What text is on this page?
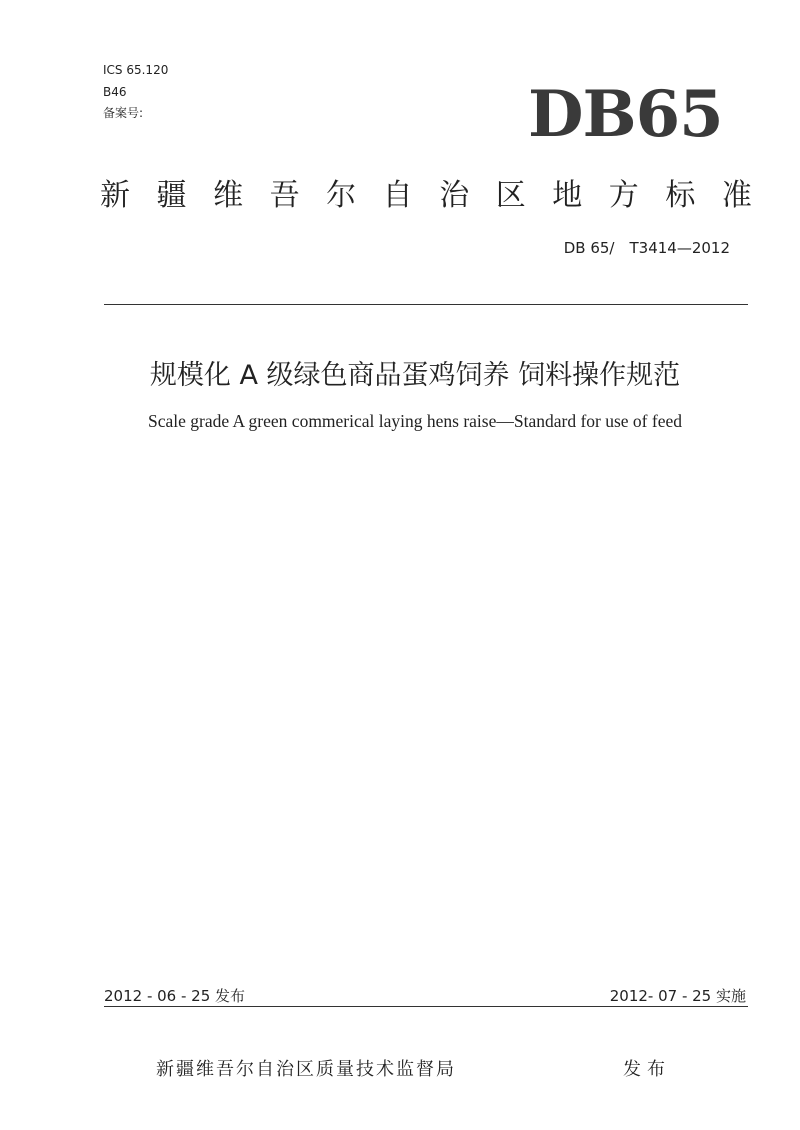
ICS 65.120
B46
备案号:	DB65
新 疆 维 吾 尔 自 治 区 地 方 标 准
DB 65/　T3414—2012
规模化 A 级绿色商品蛋鸡饲养 饲料操作规范
Scale grade A green commerical laying hens raise—Standard for use of feed
2012 - 06 - 25 发布	2012- 07 - 25 实施
新疆维吾尔自治区质量技术监督局	发布
